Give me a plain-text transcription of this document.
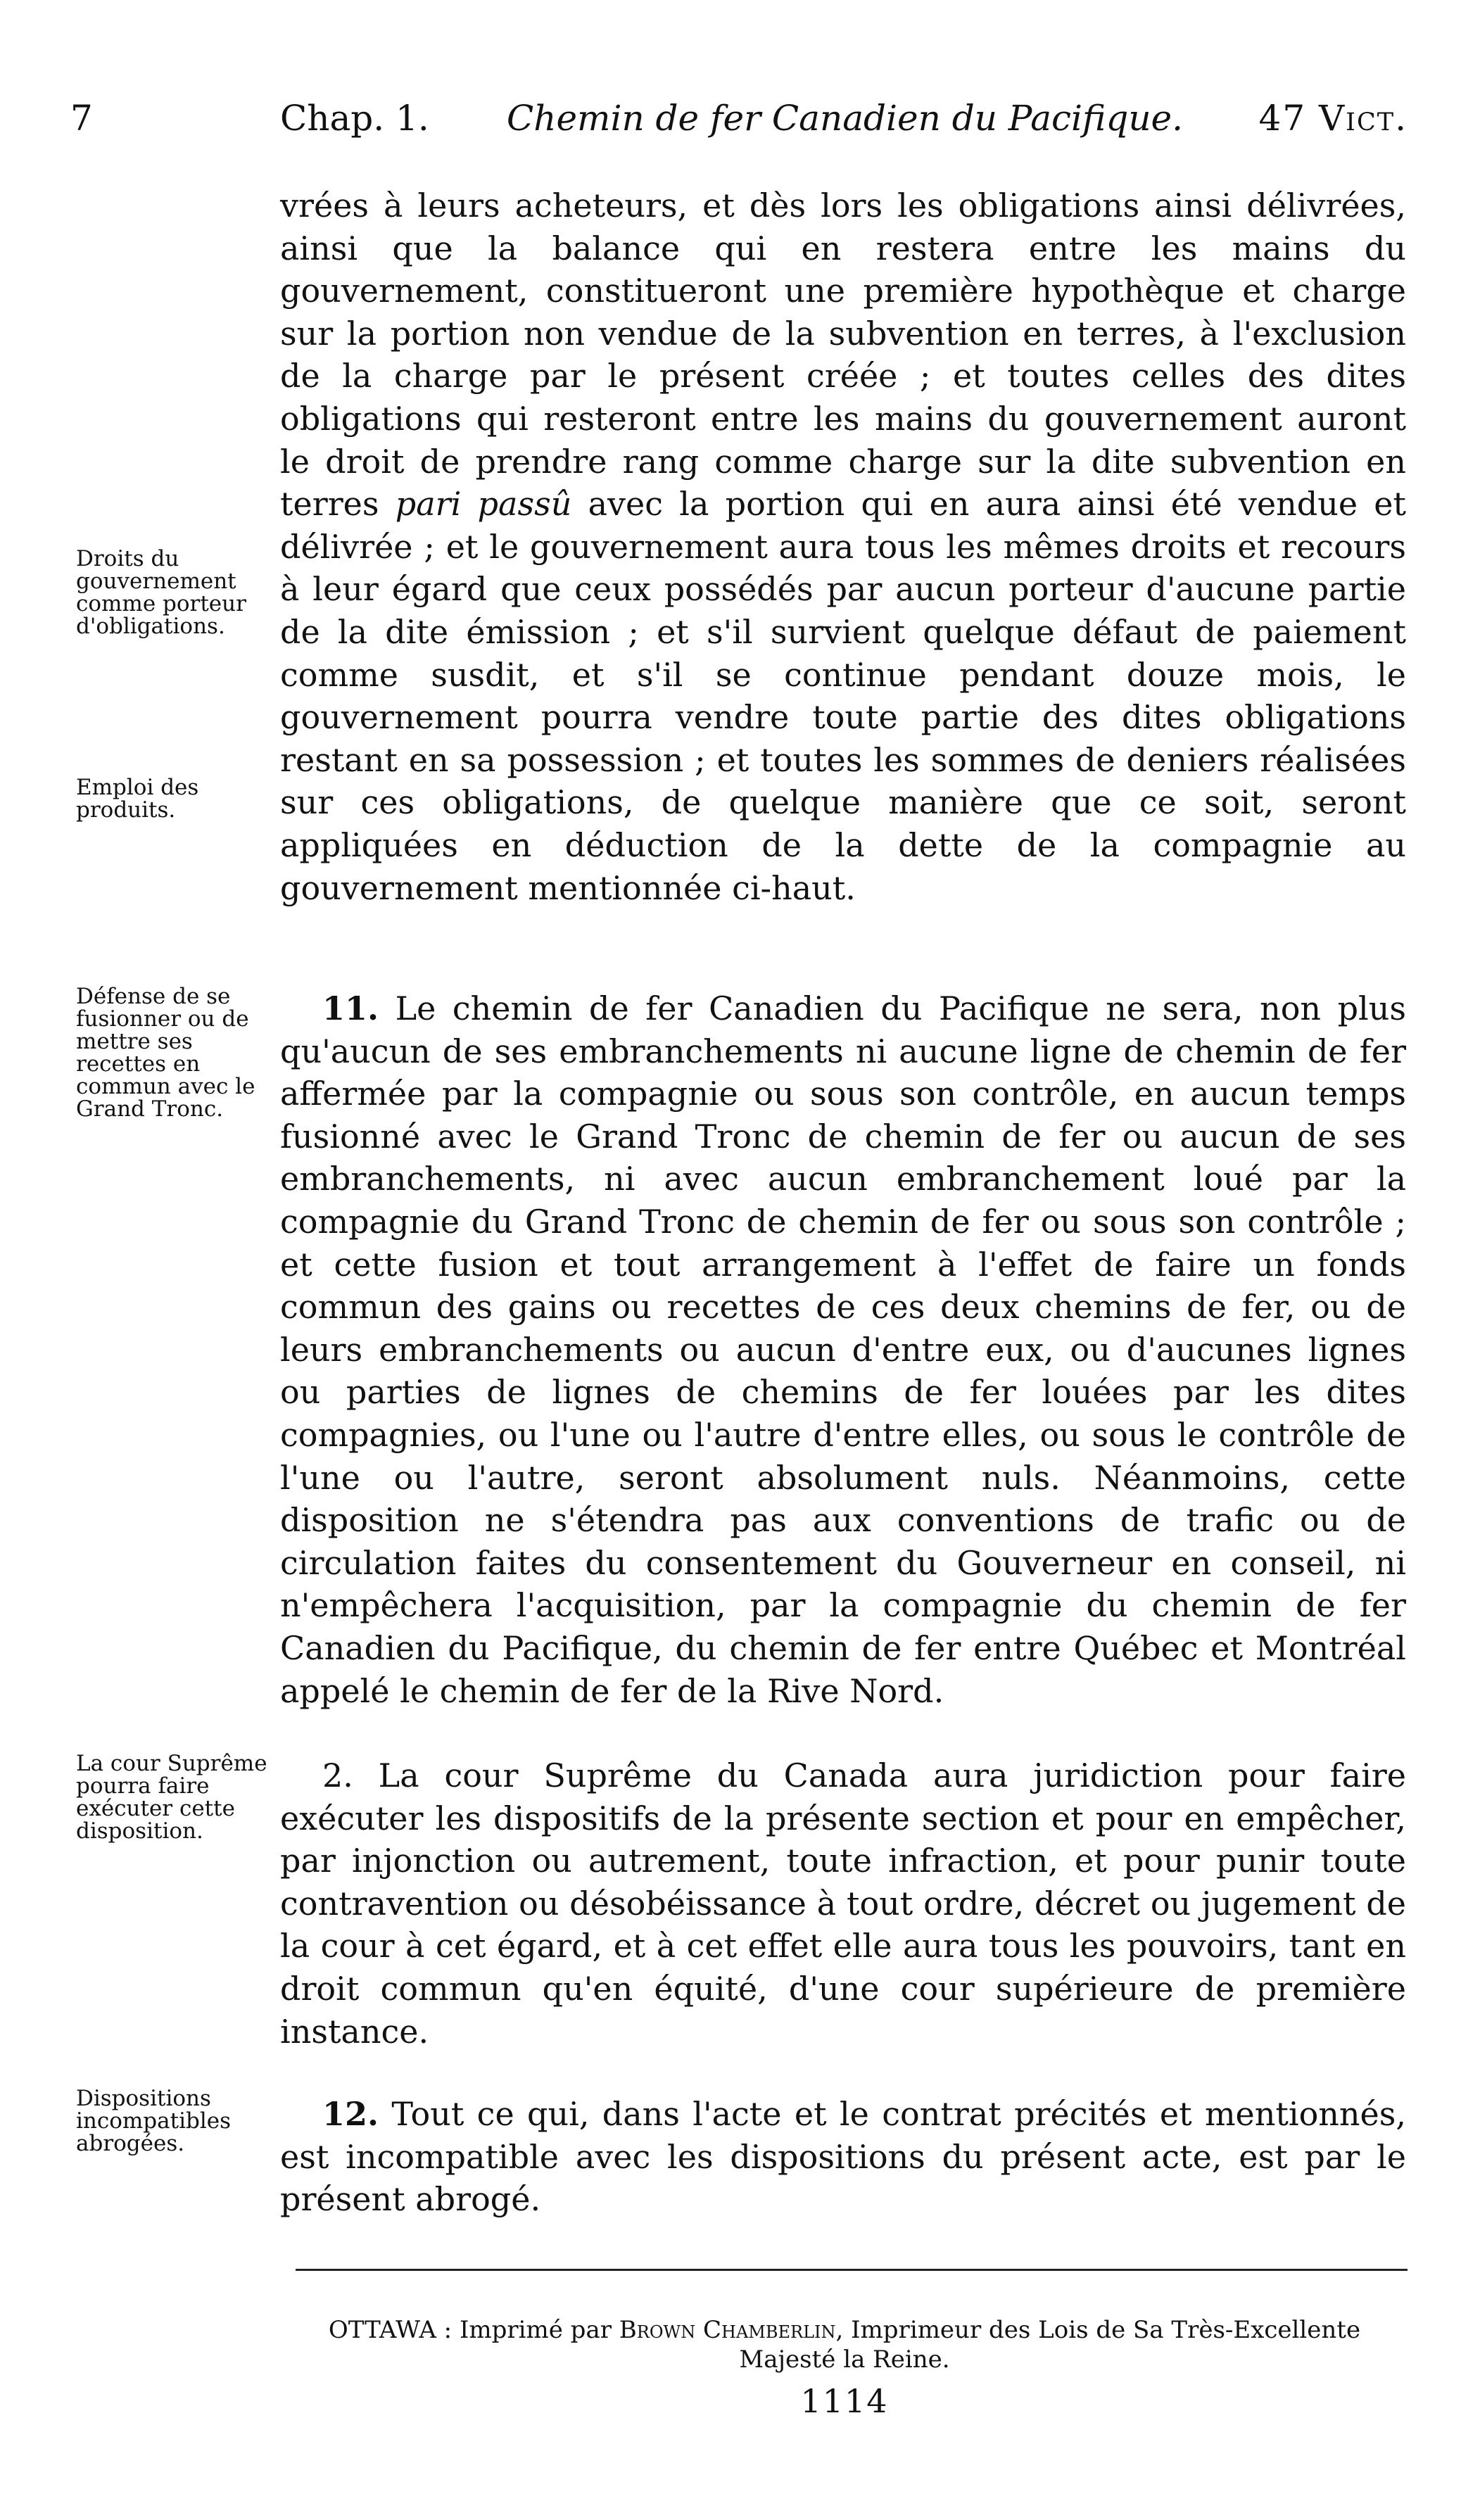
7	Chap. 1. Chemin de fer Canadien du Pacifique. 47 Vict.

vrées à leurs acheteurs, et dès lors les obligations ainsi délivrées, ainsi que la balance qui en restera entre les mains du gouvernement, constitueront une première hypothèque et charge sur la portion non vendue de la subvention en terres, à l'exclusion de la charge par le présent créée ; et toutes celles des dites obligations qui resteront entre les mains du gouvernement auront le droit de prendre rang comme charge sur la dite subvention en terres pari passû avec la portion qui en aura ainsi été vendue et délivrée ; et le gouvernement aura tous les mêmes droits et recours à leur égard que ceux possédés par aucun porteur d'aucune partie de la dite émission ; et s'il survient quelque défaut de paiement comme susdit, et s'il se continue pendant douze mois, le gouvernement pourra vendre toute partie des dites obligations restant en sa possession ; et toutes les sommes de deniers réalisées sur ces obligations, de quelque manière que ce soit, seront appliquées en déduction de la dette de la compagnie au gouvernement mentionnée ci-haut.

11. Le chemin de fer Canadien du Pacifique ne sera, non plus qu'aucun de ses embranchements ni aucune ligne de chemin de fer affermée par la compagnie ou sous son contrôle, en aucun temps fusionné avec le Grand Tronc de chemin de fer ou aucun de ses embranchements, ni avec aucun embranchement loué par la compagnie du Grand Tronc de chemin de fer ou sous son contrôle ; et cette fusion et tout arrangement à l'effet de faire un fonds commun des gains ou recettes de ces deux chemins de fer, ou de leurs embranchements ou aucun d'entre eux, ou d'aucunes lignes ou parties de lignes de chemins de fer louées par les dites compagnies, ou l'une ou l'autre d'entre elles, ou sous le contrôle de l'une ou l'autre, seront absolument nuls. Néanmoins, cette disposition ne s'étendra pas aux conventions de trafic ou de circulation faites du consentement du Gouverneur en conseil, ni n'empêchera l'acquisition, par la compagnie du chemin de fer Canadien du Pacifique, du chemin de fer entre Québec et Montréal appelé le chemin de fer de la Rive Nord.

2. La cour Suprême du Canada aura juridiction pour faire exécuter les dispositifs de la présente section et pour en empêcher, par injonction ou autrement, toute infraction, et pour punir toute contravention ou désobéissance à tout ordre, décret ou jugement de la cour à cet égard, et à cet effet elle aura tous les pouvoirs, tant en droit commun qu'en équité, d'une cour supérieure de première instance.

12. Tout ce qui, dans l'acte et le contrat précités et mentionnés, est incompatible avec les dispositions du présent acte, est par le présent abrogé.

Droits du gouvernement comme porteur d'obligations.
Emploi des produits.
Défense de se fusionner ou de mettre ses recettes en commun avec le Grand Tronc.
La cour Suprême pourra faire exécuter cette disposition.
Dispositions incompatibles abrogées.
OTTAWA : Imprimé par Brown Chamberlin, Imprimeur des Lois de Sa Très-Excellente Majesté la Reine.
1114
